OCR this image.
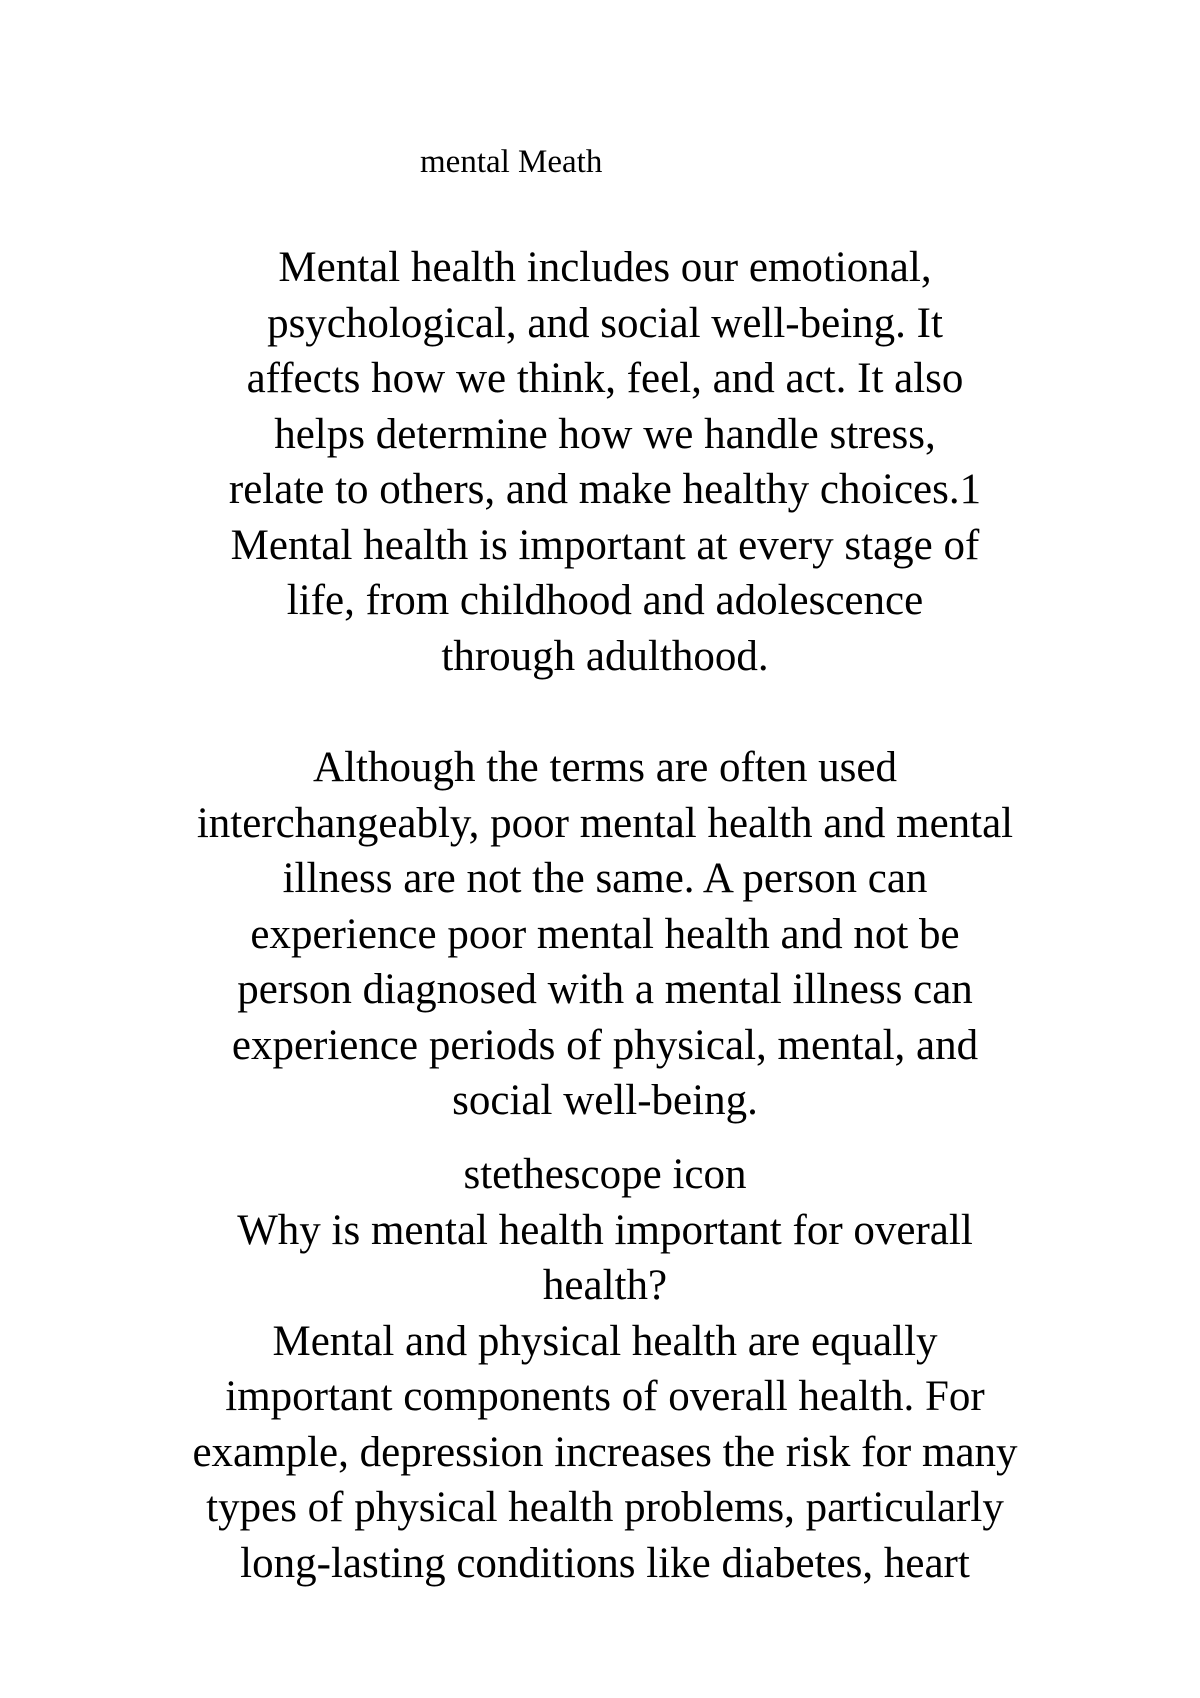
mental Meath
Mental health includes our emotional,
psychological, and social well-being. It
affects how we think, feel, and act. It also
helps determine how we handle stress,
relate to others, and make healthy choices.1
Mental health is important at every stage of
life, from childhood and adolescence
through adulthood.
Although the terms are often used
interchangeably, poor mental health and mental
illness are not the same. A person can
experience poor mental health and not be
person diagnosed with a mental illness can
experience periods of physical, mental, and
social well-being.
stethescope icon
Why is mental health important for overall
health?
Mental and physical health are equally
important components of overall health. For
example, depression increases the risk for many
types of physical health problems, particularly
long-lasting conditions like diabetes, heart
